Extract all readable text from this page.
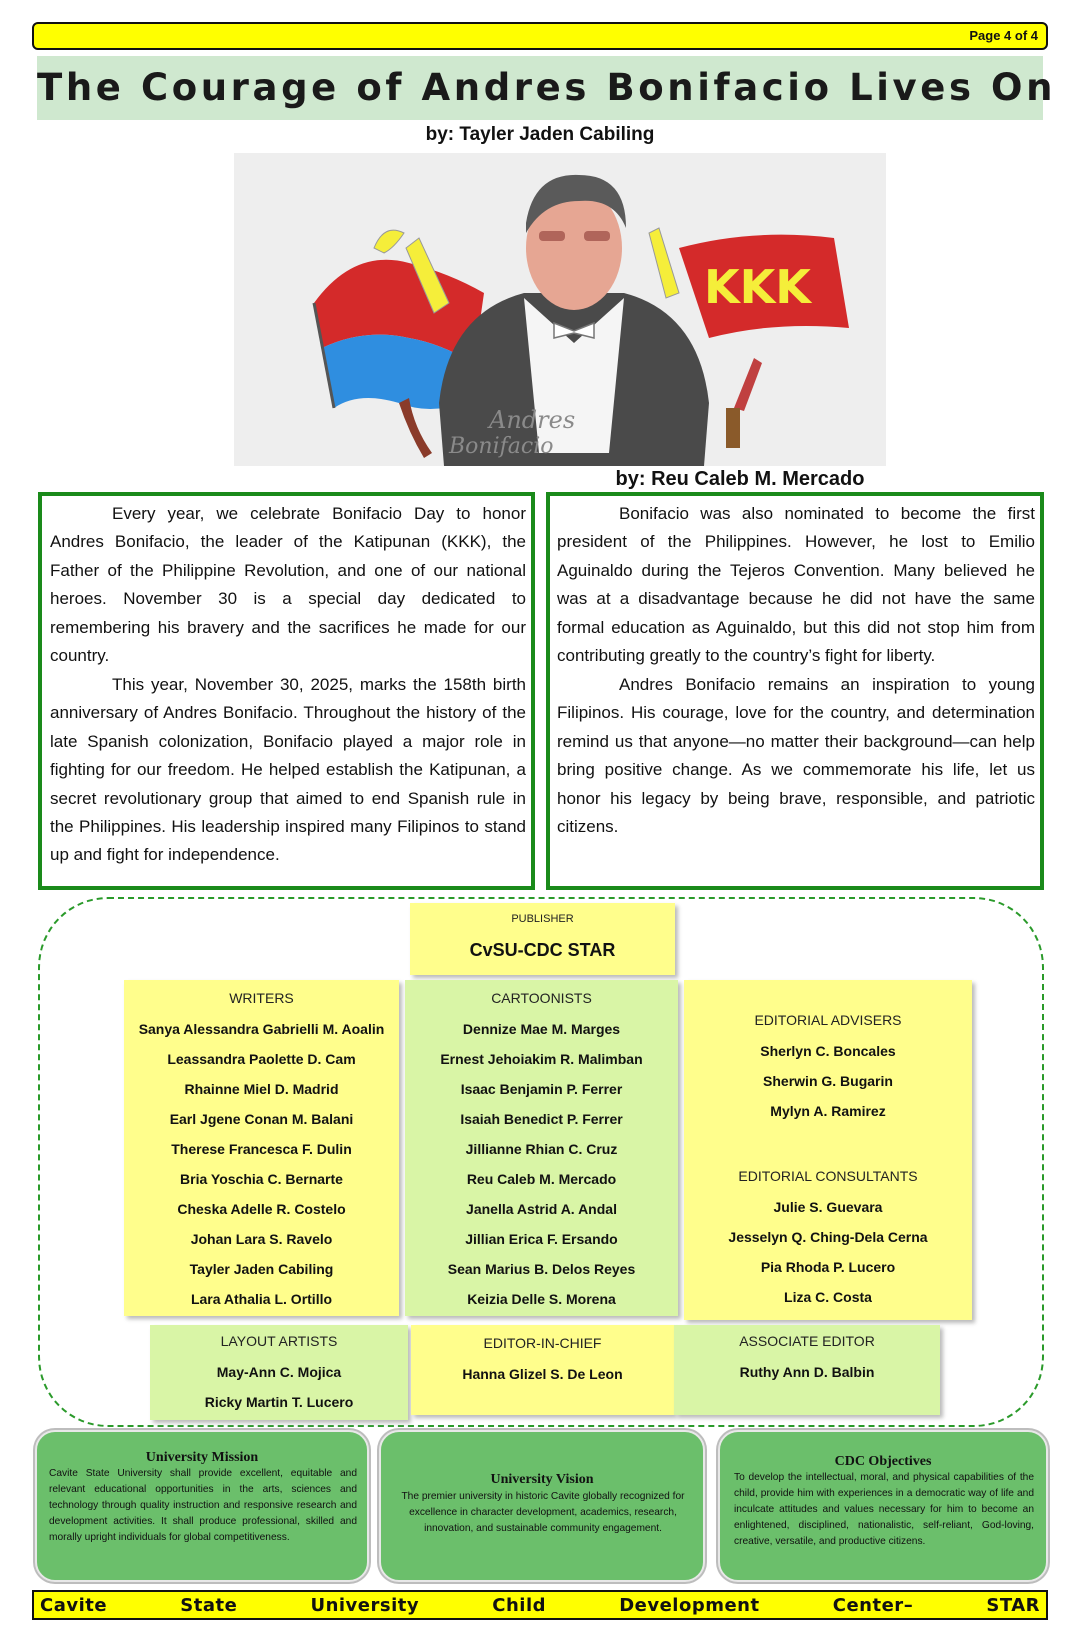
Page 4 of 4
The Courage of Andres Bonifacio Lives On
by: Tayler Jaden Cabiling
KKK
Andres
Bonifacio
by: Reu Caleb M. Mercado

Every year, we celebrate Bonifacio Day to honor Andres Bonifacio, the leader of the Katipunan (KKK), the Father of the Philippine Revolution, and one of our national heroes. November 30 is a special day dedicated to remembering his bravery and the sacrifices he made for our country.

This year, November 30, 2025, marks the 158th birth anniversary of Andres Bonifacio. Throughout the history of the late Spanish colonization, Bonifacio played a major role in fighting for our freedom. He helped establish the Katipunan, a secret revolutionary group that aimed to end Spanish rule in the Philippines. His leadership inspired many Filipinos to stand up and fight for independence.

Bonifacio was also nominated to become the first president of the Philippines. However, he lost to Emilio Aguinaldo during the Tejeros Convention. Many believed he was at a disadvantage because he did not have the same formal education as Aguinaldo, but this did not stop him from contributing greatly to the country’s fight for liberty.

Andres Bonifacio remains an inspiration to young Filipinos. His courage, love for the country, and determination remind us that anyone—no matter their background—can help bring positive change. As we commemorate his life, let us honor his legacy by being brave, responsible, and patriotic citizens.

PUBLISHER
CvSU-CDC STAR
WRITERS
Sanya Alessandra Gabrielli M. Aoalin
Leassandra Paolette D. Cam
Rhainne Miel D. Madrid
Earl Jgene Conan M. Balani
Therese Francesca F. Dulin
Bria Yoschia C. Bernarte
Cheska Adelle R. Costelo
Johan Lara S. Ravelo
Tayler Jaden Cabiling
Lara Athalia L. Ortillo
CARTOONISTS
Dennize Mae M. Marges
Ernest Jehoiakim R. Malimban
Isaac Benjamin P. Ferrer
Isaiah Benedict P. Ferrer
Jillianne Rhian C. Cruz
Reu Caleb M. Mercado
Janella Astrid A. Andal
Jillian Erica F. Ersando
Sean Marius B. Delos Reyes
Keizia Delle S. Morena
EDITORIAL ADVISERS
Sherlyn C. Boncales
Sherwin G. Bugarin
Mylyn A. Ramirez
EDITORIAL CONSULTANTS
Julie S. Guevara
Jesselyn Q. Ching-Dela Cerna
Pia Rhoda P. Lucero
Liza C. Costa
LAYOUT ARTISTS
May-Ann C. Mojica
Ricky Martin T. Lucero
EDITOR-IN-CHIEF
Hanna Glizel S. De Leon
ASSOCIATE EDITOR
Ruthy Ann D. Balbin
University Mission
Cavite State University shall provide excellent, equitable and relevant educational opportunities in the arts, sciences and technology through quality instruction and responsive research and development activities. It shall produce professional, skilled and morally upright individuals for global competitiveness.
University Vision
The premier university in historic Cavite globally recognized for excellence in character development, academics, research, innovation, and sustainable community engagement.
CDC Objectives
To develop the intellectual, moral, and physical capabilities of the child, provide him with experiences in a democratic way of life and inculcate attitudes and values necessary for him to become an enlightened, disciplined, nationalistic, self-reliant, God-loving, creative, versatile, and productive citizens.
Cavite	State	University	Child	Development	Center–	STAR
